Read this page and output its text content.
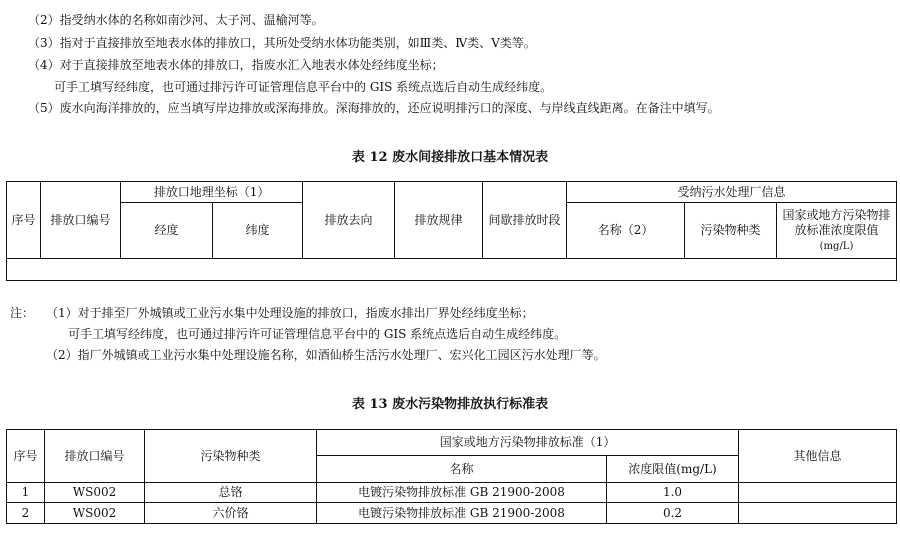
（2）指受纳水体的名称如南沙河、太子河、温榆河等。
（3）指对于直接排放至地表水体的排放口，其所处受纳水体功能类别，如Ⅲ类、Ⅳ类、Ⅴ类等。
（4）对于直接排放至地表水体的排放口，指废水汇入地表水体处经纬度坐标；
可手工填写经纬度，也可通过排污许可证管理信息平台中的 GIS 系统点选后自动生成经纬度。
（5）废水向海洋排放的，应当填写岸边排放或深海排放。深海排放的，还应说明排污口的深度、与岸线直线距离。在备注中填写。
表 12 废水间接排放口基本情况表
序号	排放口编号	排放口地理坐标（1）		排放去向	排放规律	间歇排放时段	受纳污水处理厂信息		
		经度	纬度				名称（2）	污染物种类	国家或地方污染物排放标准浓度限值
(mg/L)

注： （1）对于排至厂外城镇或工业污水集中处理设施的排放口，指废水排出厂界处经纬度坐标；
可手工填写经纬度，也可通过排污许可证管理信息平台中的 GIS 系统点选后自动生成经纬度。
（2）指厂外城镇或工业污水集中处理设施名称，如酒仙桥生活污水处理厂、宏兴化工园区污水处理厂等。
表 13 废水污染物排放执行标准表
序号	排放口编号	污染物种类	国家或地方污染物排放标准（1）		其他信息
			名称	浓度限值(mg/L)	
1	WS002	总铬	电镀污染物排放标准 GB 21900-2008	1.0	
2	WS002	六价铬	电镀污染物排放标准 GB 21900-2008	0.2	
